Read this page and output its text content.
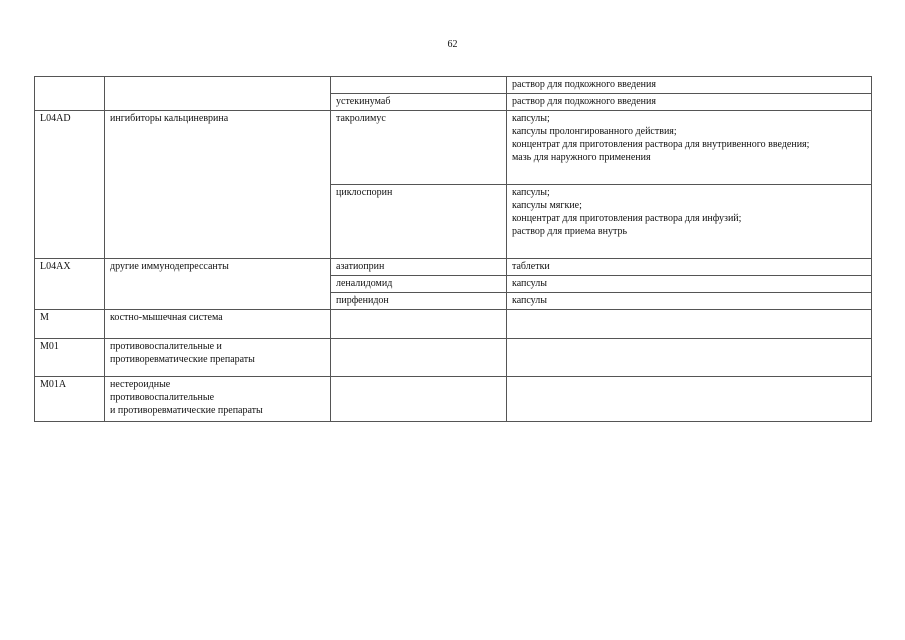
62

			раствор для подкожного введения

		устекинумаб	раствор для подкожного введения

L04AD	ингибиторы кальциневрина	такролимус	капсулы;
капсулы пролонгированного действия;
концентрат для приготовления раствора для внутривенного введения;
мазь для наружного применения

		циклоспорин	капсулы;
капсулы мягкие;
концентрат для приготовления раствора для инфузий;
раствор для приема внутрь

L04AX	другие иммунодепрессанты	азатиоприн	таблетки

		леналидомид	капсулы

		пирфенидон	капсулы

M	костно-мышечная система		
M01	противовоспалительные и
противоревматические препараты		

M01A	нестероидные
противовоспалительные
и противоревматические препараты		
